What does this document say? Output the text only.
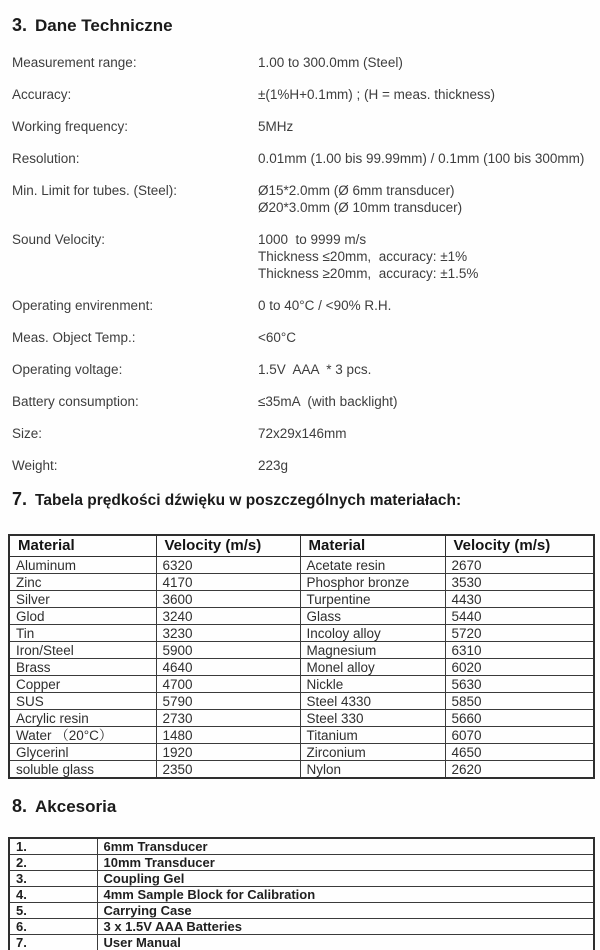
3. Dane Techniczne
Measurement range:	1.00 to 300.0mm (Steel)
Accuracy:	±(1%H+0.1mm) ; (H = meas. thickness)
Working frequency:	5MHz
Resolution:	0.01mm (1.00 bis 99.99mm) / 0.1mm (100 bis 300mm)
Min. Limit for tubes. (Steel):	Ø15*2.0mm (Ø 6mm transducer)
Ø20*3.0mm (Ø 10mm transducer)
Sound Velocity:	1000  to 9999 m/s
Thickness ≤20mm,  accuracy: ±1%
Thickness ≥20mm,  accuracy: ±1.5%
Operating envirenment:	0 to 40°C / <90% R.H.
Meas. Object Temp.:	<60°C
Operating voltage:	1.5V  AAA  * 3 pcs.
Battery consumption:	≤35mA  (with backlight)
Size:	72x29x146mm
Weight:	223g
7. Tabela prędkości dźwięku w poszczególnych materiałach:
Material	Velocity (m/s)	Material	Velocity (m/s)
Aluminum	6320	Acetate resin	2670
Zinc	4170	Phosphor bronze	3530
Silver	3600	Turpentine	4430
Glod	3240	Glass	5440
Tin	3230	Incoloy alloy	5720
Iron/Steel	5900	Magnesium	6310
Brass	4640	Monel alloy	6020
Copper	4700	Nickle	5630
SUS	5790	Steel 4330	5850
Acrylic resin	2730	Steel 330	5660
Water （20°C）	1480	Titanium	6070
Glycerinl	1920	Zirconium	4650
soluble glass	2350	Nylon	2620
8. Akcesoria
1.	6mm Transducer
2.	10mm Transducer
3.	Coupling Gel
4.	4mm Sample Block for Calibration
5.	Carrying Case
6.	3 x 1.5V AAA Batteries
7.	User Manual
